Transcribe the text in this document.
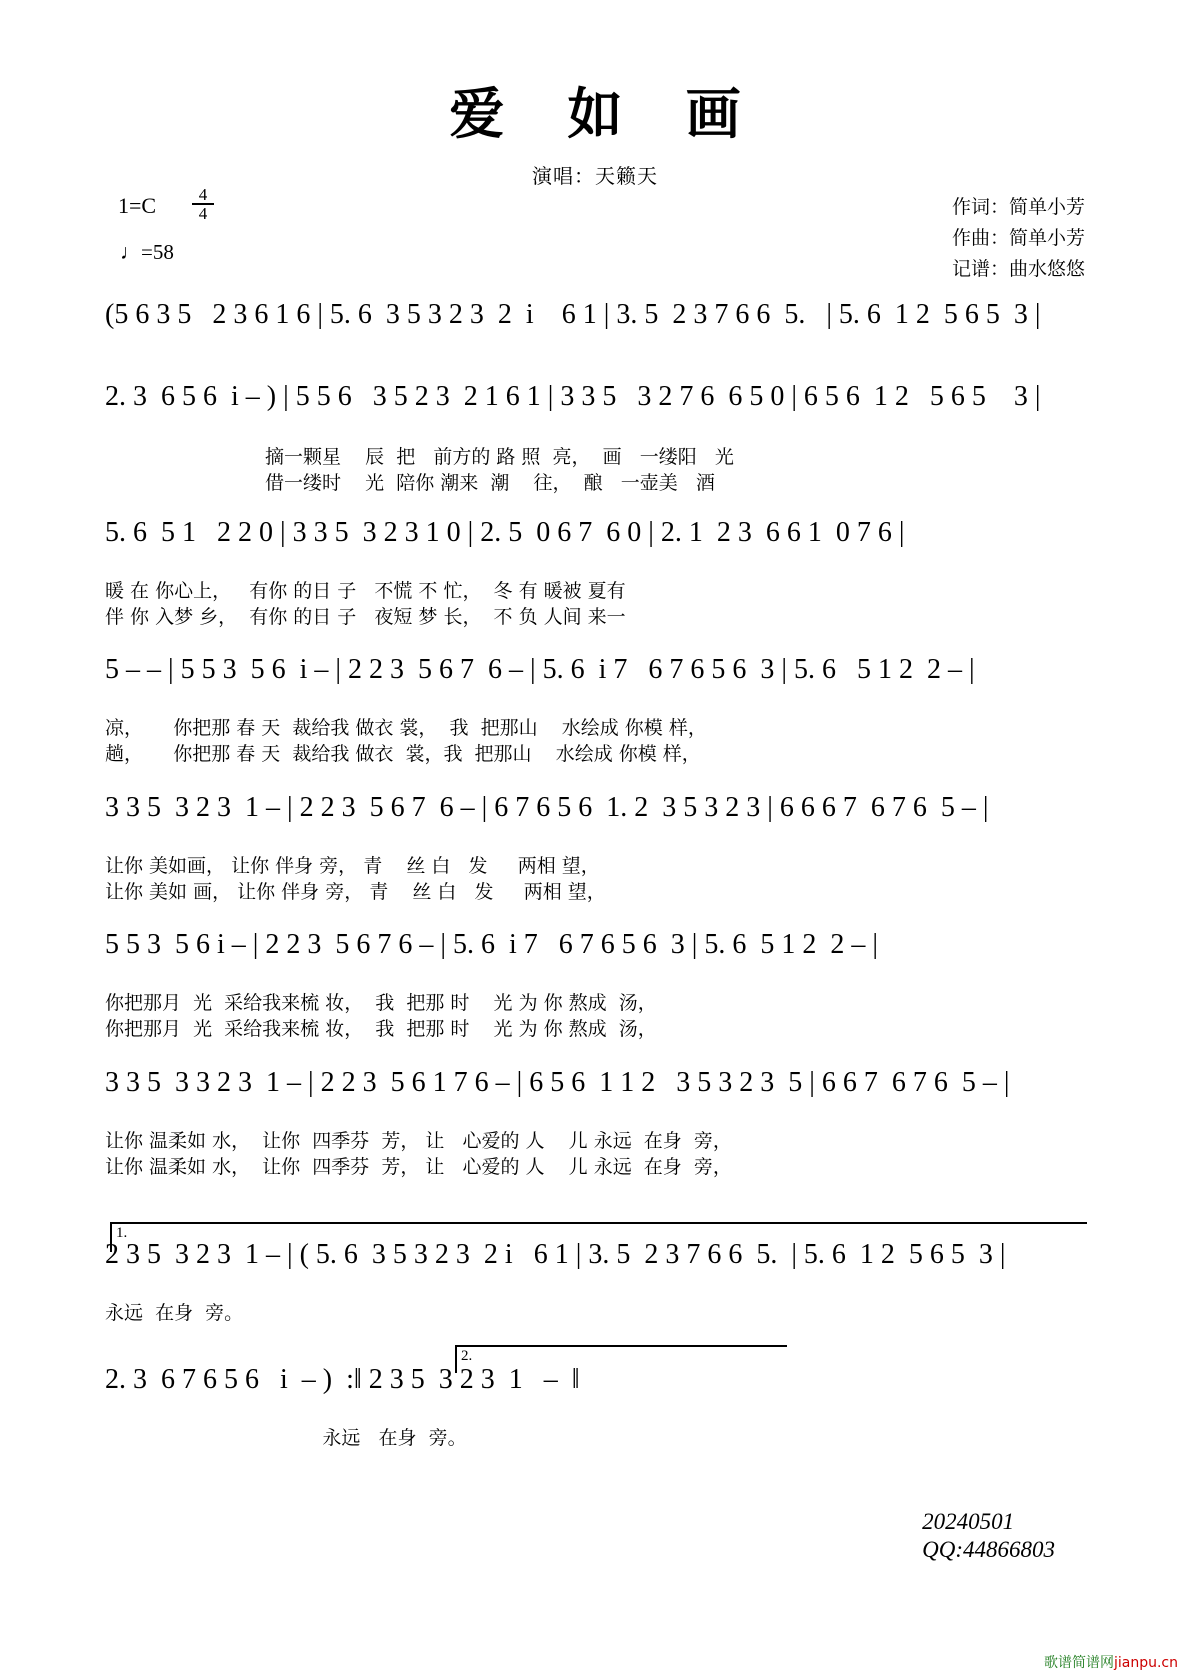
爱 如 画
演唱：天籁天
$1=C \frac{4}{4}$
♩=58
作词：简单小芳
作曲：简单小芳
记谱：曲水悠悠
(5 6 3 5   2 3 6 1 6 | 5. 6  3 5 3 2 3  2  i    6 1 | 3. 5  2 3 7 6 6  5.   | 5. 6  1 2  5 6 5  3 |
2. 3  6 5 6  i – ) | 5 5 6   3 5 2 3  2 1 6 1 | 3 3 5   3 2 7 6  6 5 0 | 6 5 6  1 2   5 6 5    3 |
摘一颗星    辰  把   前方的 路 照  亮，  画   一缕阳   光
借一缕时    光  陪你 潮来  潮    往，  酿   一壶美   酒
5. 6  5 1   2 2 0 | 3 3 5  3 2 3 1 0 | 2. 5  0 6 7  6 0 | 2. 1  2 3  6 6 1  0 7 6 |
暖 在 你心上，   有你 的日 子   不慌 不 忙，  冬 有 暖被 夏有
伴 你 入梦 乡，  有你 的日 子   夜短 梦 长，  不 负 人间 来一
5 – – | 5 5 3  5 6  i – | 2 2 3  5 6 7  6 – | 5. 6  i 7   6 7 6 5 6  3 | 5. 6   5 1 2  2 – |
凉，     你把那 春 天  裁给我 做衣 裳，  我  把那山    水绘成 你模 样，
趟，     你把那 春 天  裁给我 做衣  裳，我  把那山    水绘成 你模 样，
3 3 5  3 2 3  1 – | 2 2 3  5 6 7  6 – | 6 7 6 5 6  1. 2  3 5 3 2 3 | 6 6 6 7  6 7 6  5 – |
让你 美如画， 让你 伴身 旁， 青    丝 白   发     两相 望，
让你 美如 画， 让你 伴身 旁， 青    丝 白   发     两相 望，
5 5 3  5 6 i – | 2 2 3  5 6 7 6 – | 5. 6  i 7   6 7 6 5 6  3 | 5. 6  5 1 2  2 – |
你把那月  光  采给我来梳 妆，  我  把那 时    光 为 你 熬成  汤，
你把那月  光  采给我来梳 妆，  我  把那 时    光 为 你 熬成  汤，
3 3 5  3 3 2 3  1 – | 2 2 3  5 6 1 7 6 – | 6 5 6  1 1 2   3 5 3 2 3  5 | 6 6 7  6 7 6  5 – |
让你 温柔如 水，  让你  四季芬  芳， 让   心爱的 人    儿 永远  在身  旁，
让你 温柔如 水，  让你  四季芬  芳， 让   心爱的 人    儿 永远  在身  旁，
1.
2 3 5  3 2 3  1 – | ( 5. 6  3 5 3 2 3  2 i   6 1 | 3. 5  2 3 7 6 6  5.  | 5. 6  1 2  5 6 5  3 |
永远  在身  旁。
2.
2. 3  6 7 6 5 6   i  – )  :‖ 2 3 5  3 2 3  1   –  ‖
永远   在身  旁。
20240501
QQ:44866803
歌谱简谱网jianpu.cn
